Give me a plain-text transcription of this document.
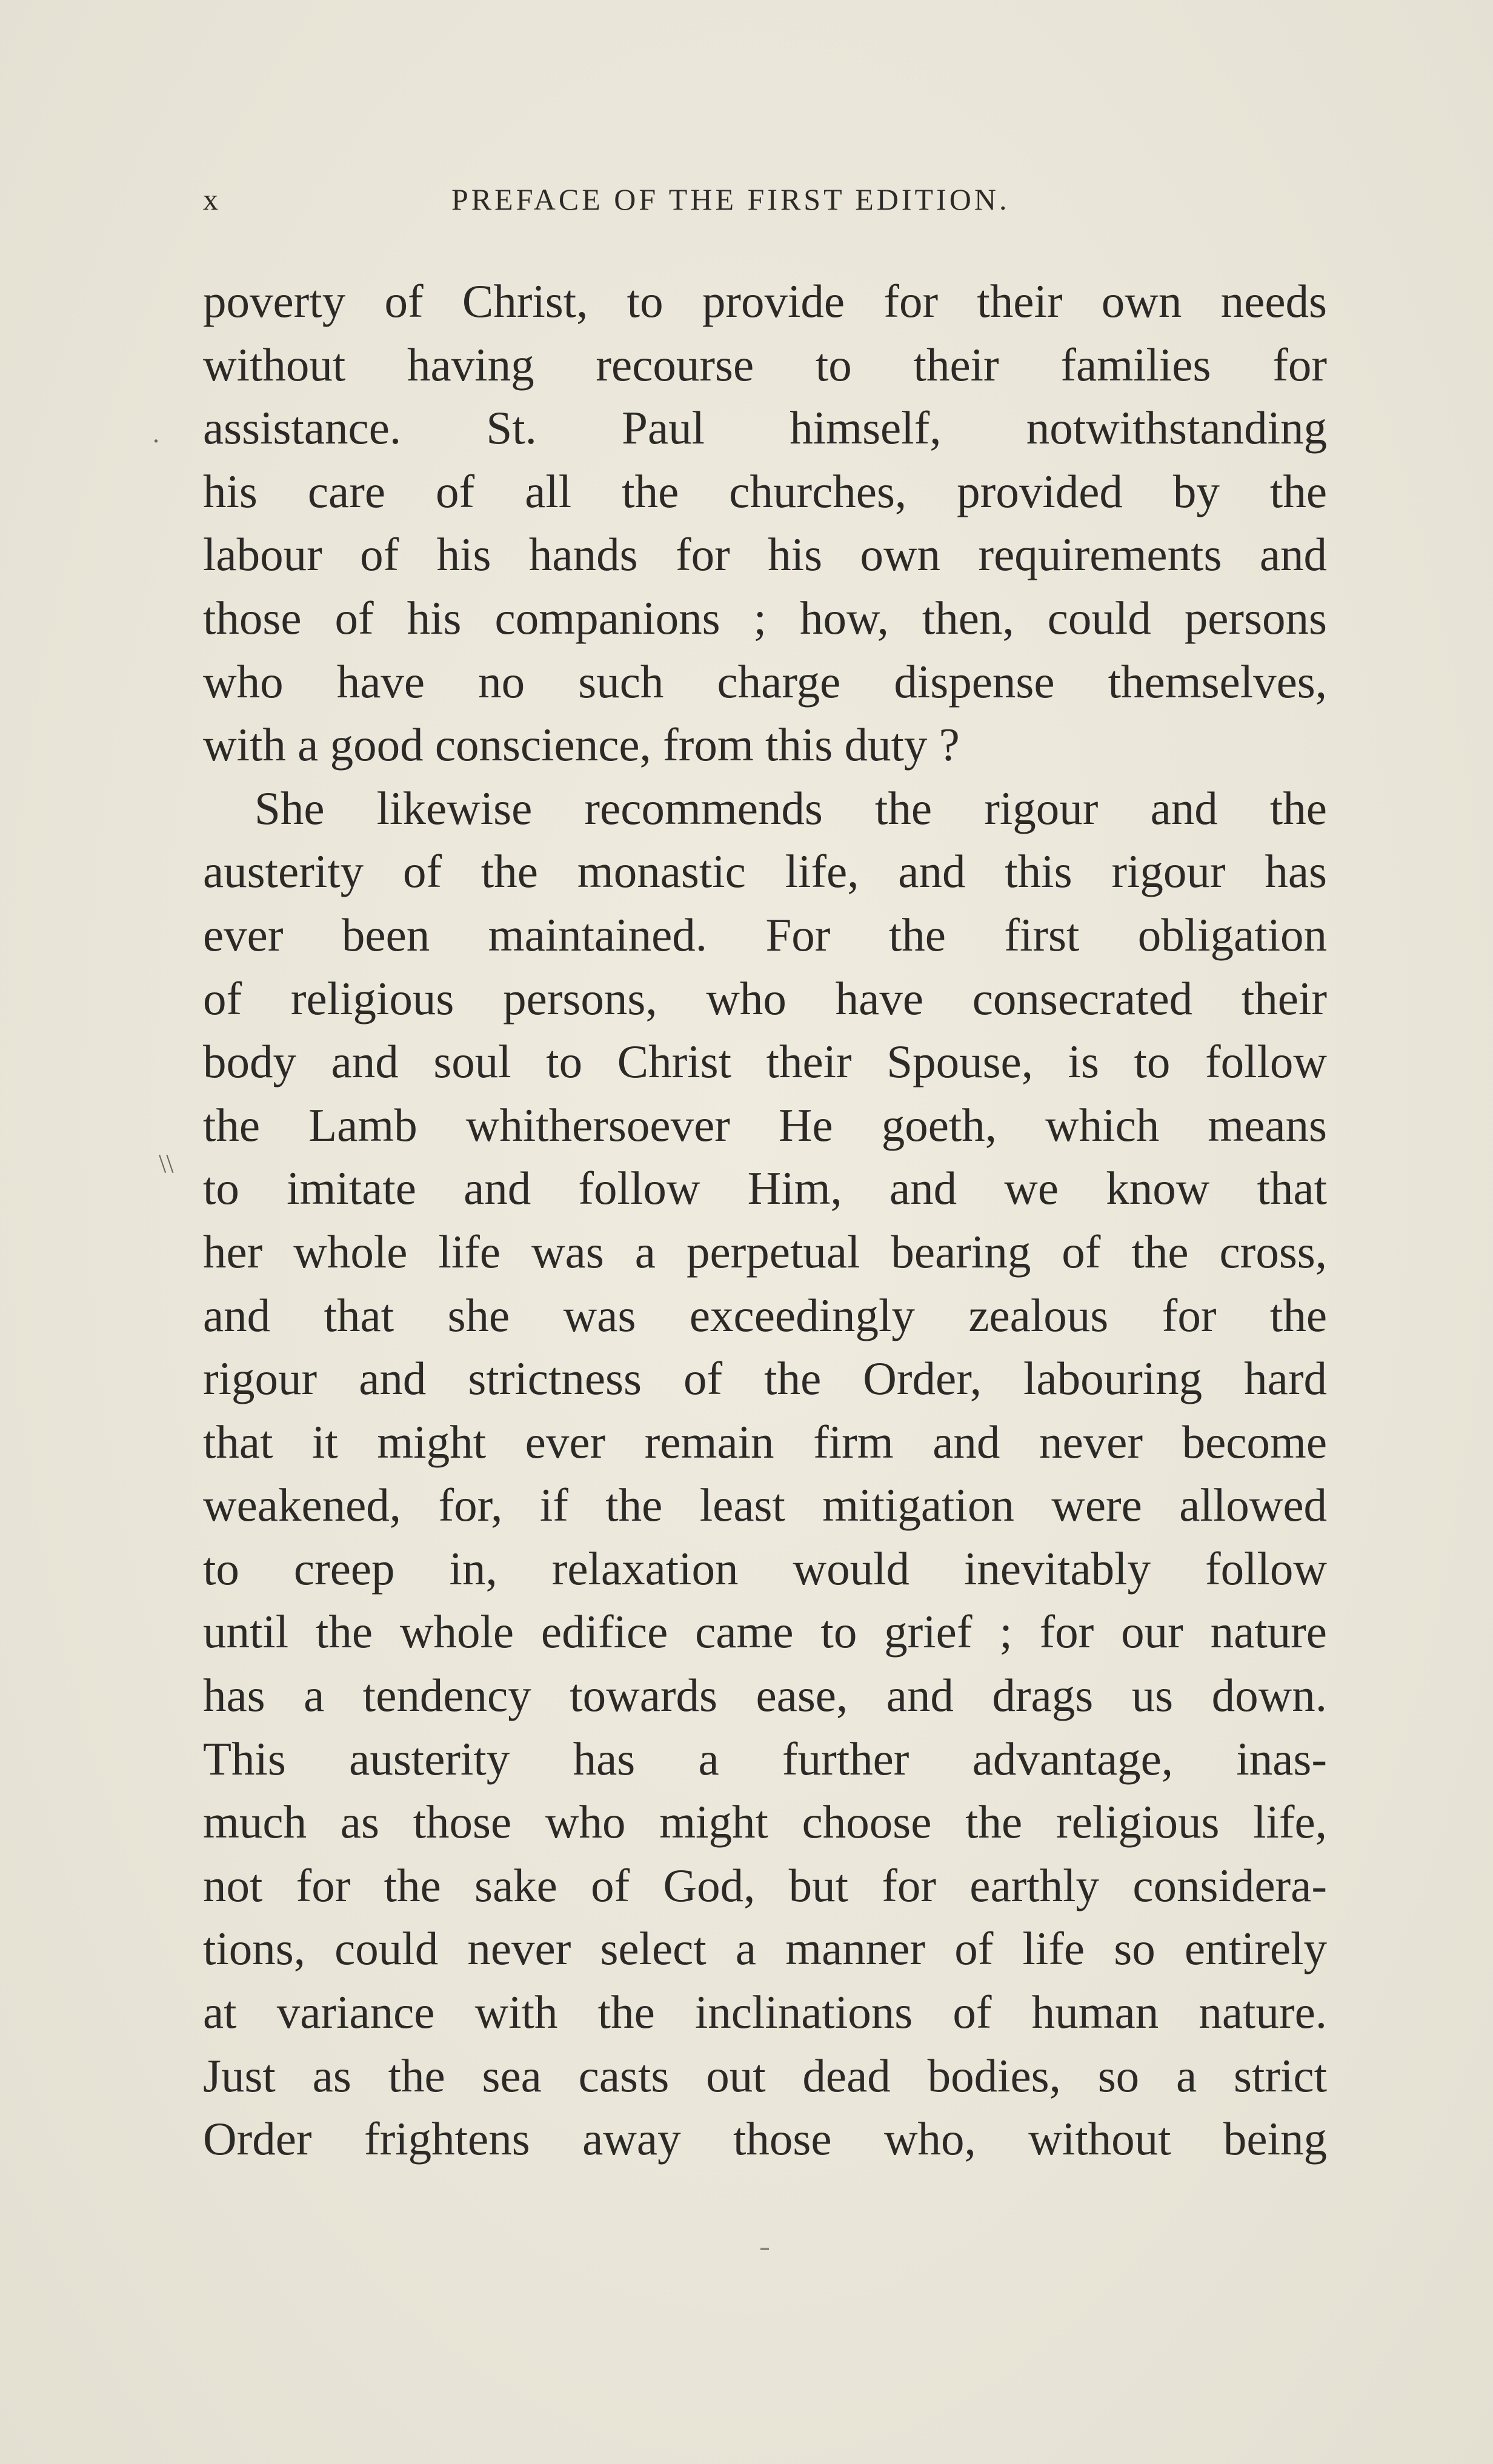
x	PREFACE OF THE FIRST EDITION.
.
\\
poverty of Christ, to provide for their own needs
without having recourse to their families for
assistance. St. Paul himself, notwithstanding
his care of all the churches, provided by the
labour of his hands for his own requirements and
those of his companions ; how, then, could persons
who have no such charge dispense themselves,
with a good conscience, from this duty ?
She likewise recommends the rigour and the
austerity of the monastic life, and this rigour has
ever been maintained. For the first obligation
of religious persons, who have consecrated their
body and soul to Christ their Spouse, is to follow
the Lamb whithersoever He goeth, which means
to imitate and follow Him, and we know that
her whole life was a perpetual bearing of the cross,
and that she was exceedingly zealous for the
rigour and strictness of the Order, labouring hard
that it might ever remain firm and never become
weakened, for, if the least mitigation were allowed
to creep in, relaxation would inevitably follow
until the whole edifice came to grief ; for our nature
has a tendency towards ease, and drags us down.
This austerity has a further advantage, inas-
much as those who might choose the religious life,
not for the sake of God, but for earthly considera-
tions, could never select a manner of life so entirely
at variance with the inclinations of human nature.
Just as the sea casts out dead bodies, so a strict
Order frightens away those who, without being
